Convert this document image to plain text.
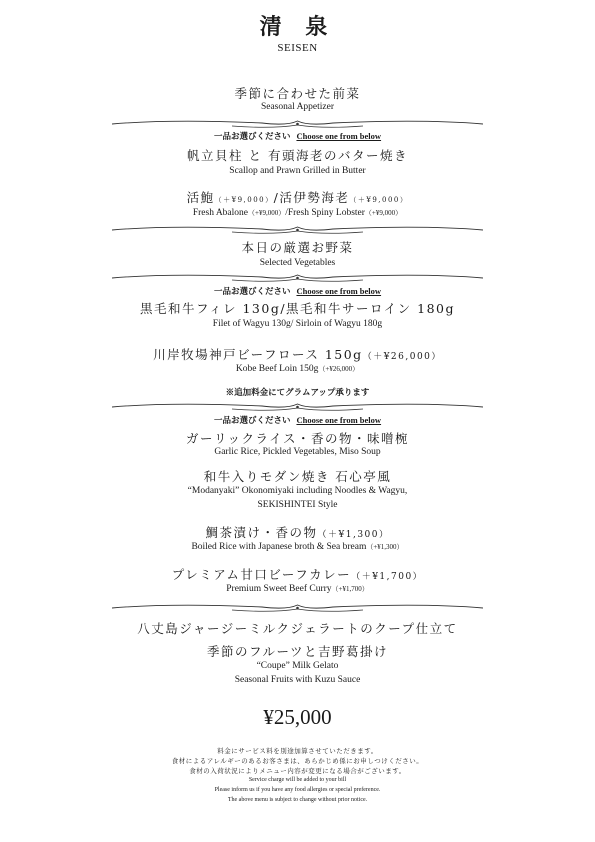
清 泉
SEISEN
季節に合わせた前菜
Seasonal Appetizer
一品お選びください Choose one from below
帆立貝柱 と 有頭海老のバター焼き
Scallop and Prawn Grilled in Butter
活鮑（＋¥9,000）/活伊勢海老（＋¥9,000）
Fresh Abalone（+¥9,000）/Fresh Spiny Lobster（+¥9,000）
本日の厳選お野菜
Selected Vegetables
一品お選びください Choose one from below
黒毛和牛フィレ 130g/黒毛和牛サーロイン 180g
Filet of Wagyu 130g/ Sirloin of Wagyu 180g
川岸牧場神戸ビーフロース 150g（＋¥26,000）
Kobe Beef Loin 150g（+¥26,000）
※追加料金にてグラムアップ承ります
一品お選びください Choose one from below
ガーリックライス・香の物・味噌椀
Garlic Rice, Pickled Vegetables, Miso Soup
和牛入りモダン焼き 石心亭風
“Modanyaki” Okonomiyaki including Noodles & Wagyu,
SEKISHINTEI Style
鯛茶漬け・香の物（＋¥1,300）
Boiled Rice with Japanese broth & Sea bream（+¥1,300）
プレミアム甘口ビーフカレー（＋¥1,700）
Premium Sweet Beef Curry（+¥1,700）
八丈島ジャージーミルクジェラートのクープ仕立て
季節のフルーツと吉野葛掛け
“Coupe” Milk Gelato
Seasonal Fruits with Kuzu Sauce
¥25,000
料金にサービス料を別途加算させていただきます。
食材によるアレルギーのあるお客さまは、あらかじめ係にお申しつけください。
食材の入荷状況によりメニュー内容が変更になる場合がございます。
Service charge will be added to your bill
Please inform us if you have any food allergies or special preference.
The above menu is subject to change without prior notice.
